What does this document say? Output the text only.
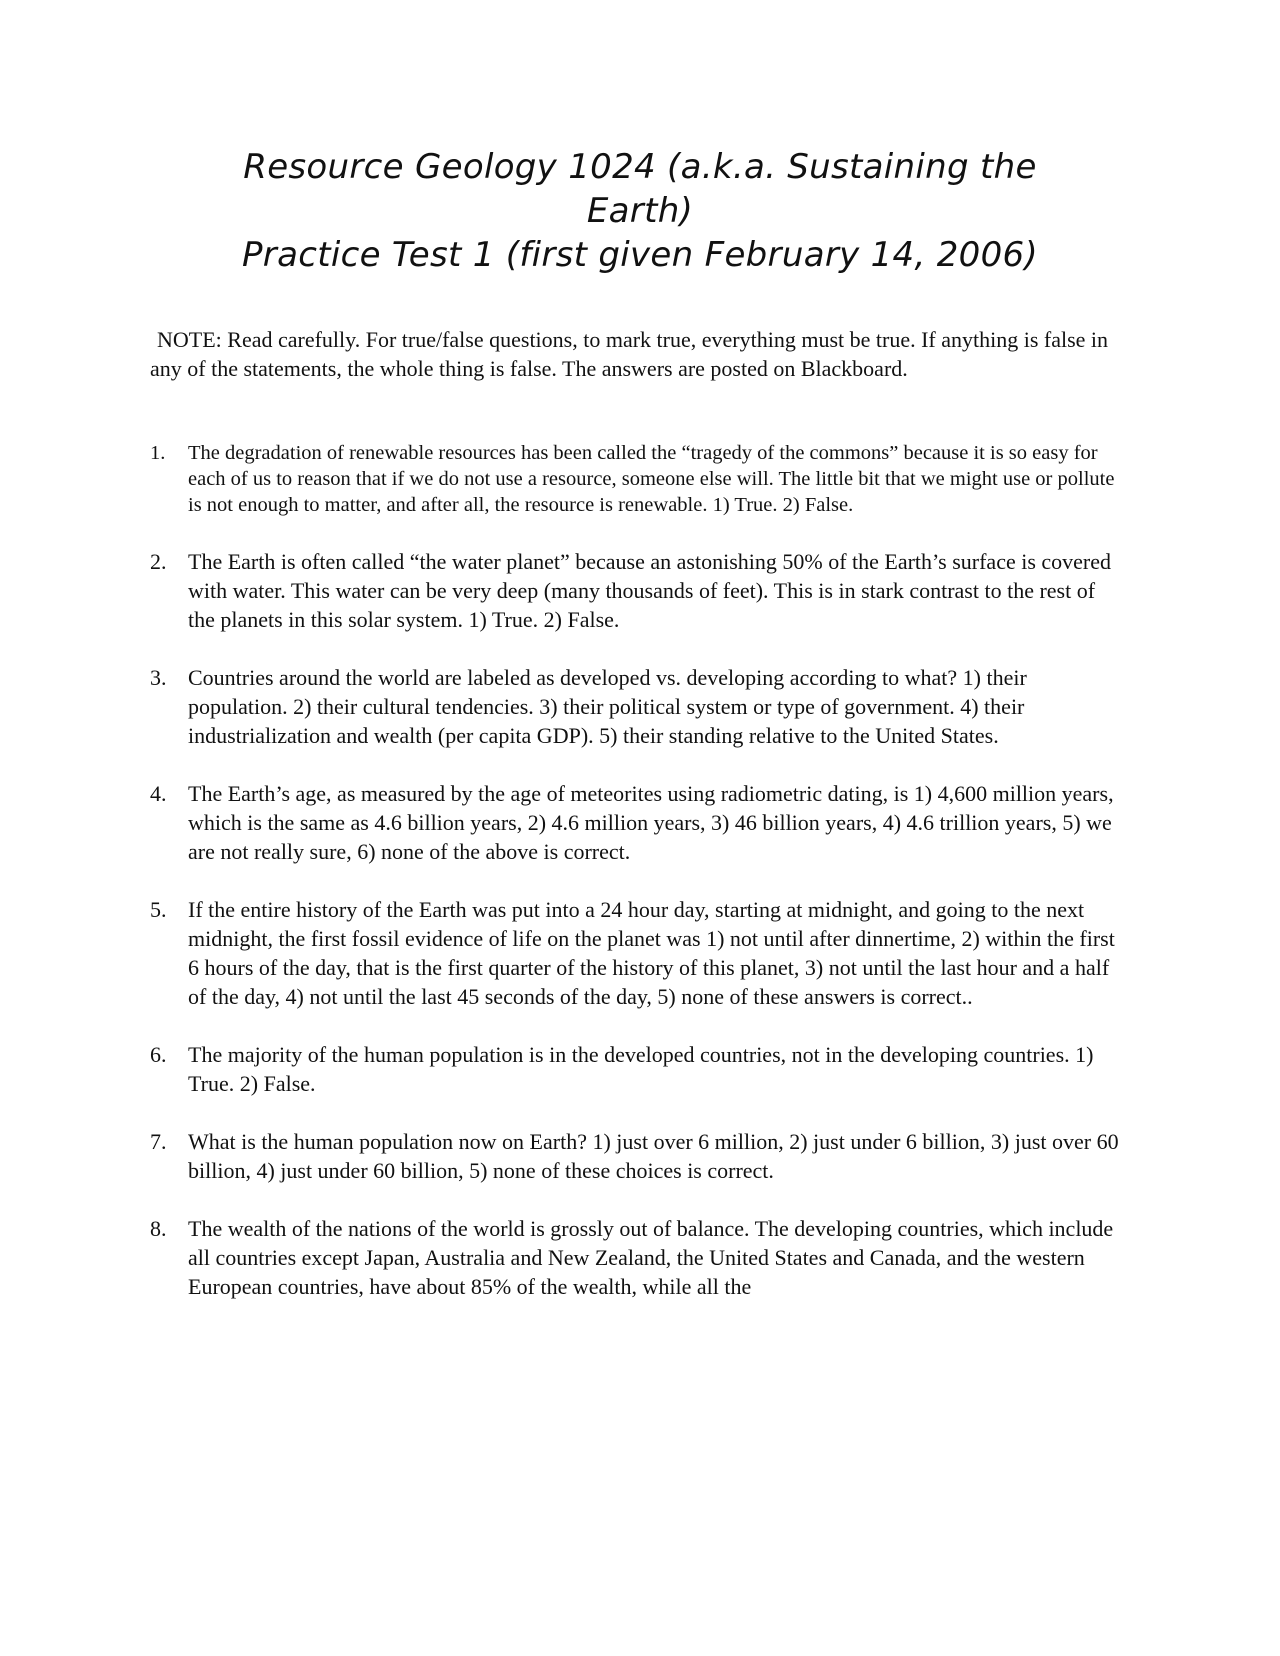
Resource Geology 1024 (a.k.a. Sustaining the
Earth)
Practice Test 1 (first given February 14, 2006)
NOTE: Read carefully. For true/false questions, to mark true, everything must be true. If anything is false in any of the statements, the whole thing is false. The answers are posted on Blackboard.
1.	The degradation of renewable resources has been called the “tragedy of the commons” because it is so easy for each of us to reason that if we do not use a resource, someone else will. The little bit that we might use or pollute is not enough to matter, and after all, the resource is renewable. 1) True. 2) False.
2. The Earth is often called “the water planet” because an astonishing 50% of the Earth’s surface is covered with water. This water can be very deep (many thousands of feet). This is in stark contrast to the rest of the planets in this solar system. 1) True. 2) False.
3. Countries around the world are labeled as developed vs. developing according to what? 1) their population. 2) their cultural tendencies. 3) their political system or type of government. 4) their industrialization and wealth (per capita GDP). 5) their standing relative to the United States.
4. The Earth’s age, as measured by the age of meteorites using radiometric dating, is 1) 4,600 million years, which is the same as 4.6 billion years, 2) 4.6 million years, 3) 46 billion years, 4) 4.6 trillion years, 5) we are not really sure, 6) none of the above is correct.
5. If the entire history of the Earth was put into a 24 hour day, starting at midnight, and going to the next midnight, the first fossil evidence of life on the planet was 1) not until after dinnertime, 2) within the first 6 hours of the day, that is the first quarter of the history of this planet, 3) not until the last hour and a half of the day, 4) not until the last 45 seconds of the day, 5) none of these answers is correct..
6. The majority of the human population is in the developed countries, not in the developing countries. 1) True. 2) False.
7. What is the human population now on Earth? 1) just over 6 million, 2) just under 6 billion, 3) just over 60 billion, 4) just under 60 billion, 5) none of these choices is correct.
8. The wealth of the nations of the world is grossly out of balance. The developing countries, which include all countries except Japan, Australia and New Zealand, the United States and Canada, and the western European countries, have about 85% of the wealth, while all the
